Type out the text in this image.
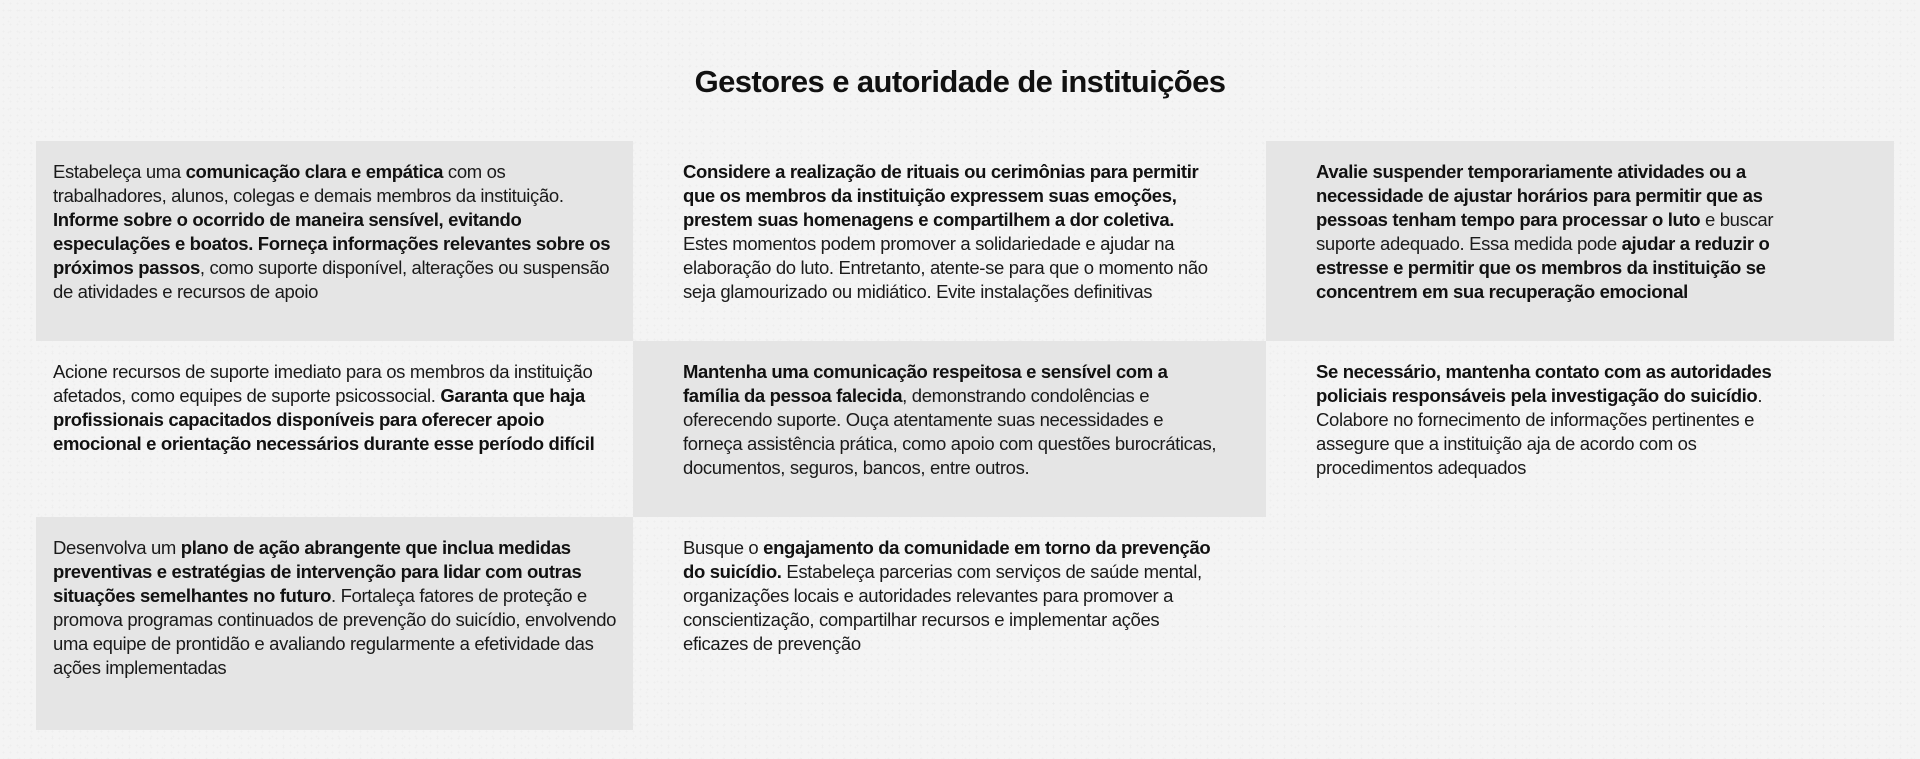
Gestores e autoridade de instituições
Estabeleça uma comunicação clara e empática com os trabalhadores, alunos, colegas e demais membros da instituição. Informe sobre o ocorrido de maneira sensível, evitando especulações e boatos. Forneça informações relevantes sobre os próximos passos, como suporte disponível, alterações ou suspensão de atividades e recursos de apoio
Considere a realização de rituais ou cerimônias para permitir que os membros da instituição expressem suas emoções, prestem suas homenagens e compartilhem a dor coletiva. Estes momentos podem promover a solidariedade e ajudar na elaboração do luto. Entretanto, atente-se para que o momento não seja glamourizado ou midiático. Evite instalações definitivas
Avalie suspender temporariamente atividades ou a necessidade de ajustar horários para permitir que as pessoas tenham tempo para processar o luto e buscar suporte adequado. Essa medida pode ajudar a reduzir o estresse e permitir que os membros da instituição se concentrem em sua recuperação emocional
Acione recursos de suporte imediato para os membros da instituição afetados, como equipes de suporte psicossocial. Garanta que haja profissionais capacitados disponíveis para oferecer apoio emocional e orientação necessários durante esse período difícil
Mantenha uma comunicação respeitosa e sensível com a família da pessoa falecida, demonstrando condolências e oferecendo suporte. Ouça atentamente suas necessidades e forneça assistência prática, como apoio com questões burocráticas, documentos, seguros, bancos, entre outros.
Se necessário, mantenha contato com as autoridades policiais responsáveis pela investigação do suicídio. Colabore no fornecimento de informações pertinentes e assegure que a instituição aja de acordo com os procedimentos adequados
Desenvolva um plano de ação abrangente que inclua medidas preventivas e estratégias de intervenção para lidar com outras situações semelhantes no futuro. Fortaleça fatores de proteção e promova programas continuados de prevenção do suicídio, envolvendo uma equipe de prontidão e avaliando regularmente a efetividade das ações implementadas
Busque o engajamento da comunidade em torno da prevenção do suicídio. Estabeleça parcerias com serviços de saúde mental, organizações locais e autoridades relevantes para promover a conscientização, compartilhar recursos e implementar ações eficazes de prevenção
